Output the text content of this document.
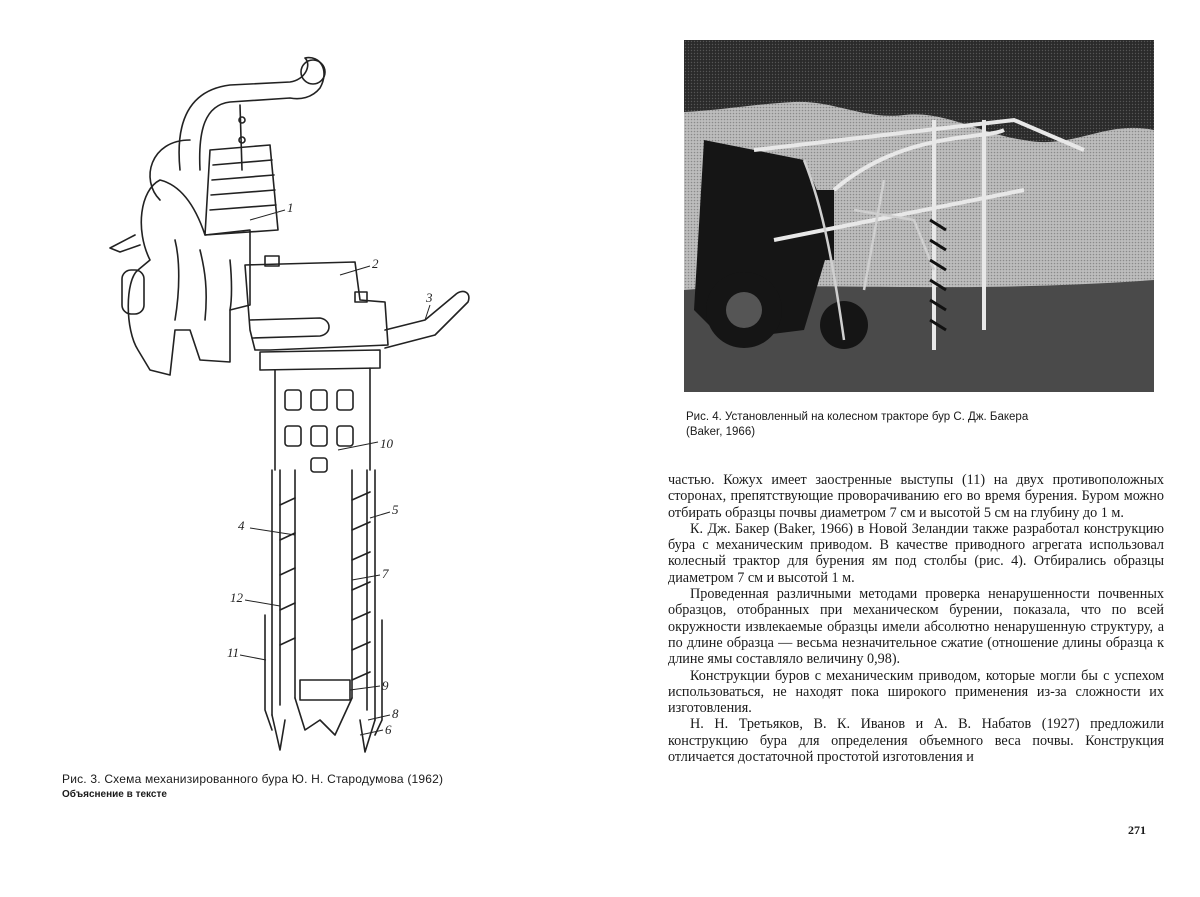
1
2
3
10
4
5
7
12
11
9
8
6
Рис. 3. Схема механизированного бура Ю. Н. Стародумова (1962)
Объяснение в тексте
Рис. 4. Установленный на колесном тракторе бур С. Дж. Бакера
(Baker, 1966)

частью. Кожух имеет заостренные выступы (11) на двух противоположных сторонах, препятствующие проворачиванию его во время бурения. Буром можно отбирать образцы почвы диаметром 7 см и высотой 5 см на глубину до 1 м.

К. Дж. Бакер (Baker, 1966) в Новой Зеландии также разработал конструкцию бура с механическим приводом. В качестве приводного агрегата использовал колесный трактор для бурения ям под столбы (рис. 4). Отбирались образцы диаметром 7 см и высотой 1 м.

Проведенная различными методами проверка ненарушенности почвенных образцов, отобранных при механическом бурении, показала, что по всей окружности извлекаемые образцы имели абсолютно ненарушенную структуру, а по длине образца — весьма незначительное сжатие (отношение длины образца к длине ямы составляло величину 0,98).

Конструкции буров с механическим приводом, которые могли бы с успехом использоваться, не находят пока широкого применения из-за сложности их изготовления.

Н. Н. Третьяков, В. К. Иванов и А. В. Набатов (1927) предложили конструкцию бура для определения объемного веса почвы. Конструкция отличается достаточной простотой изготовления и

271
